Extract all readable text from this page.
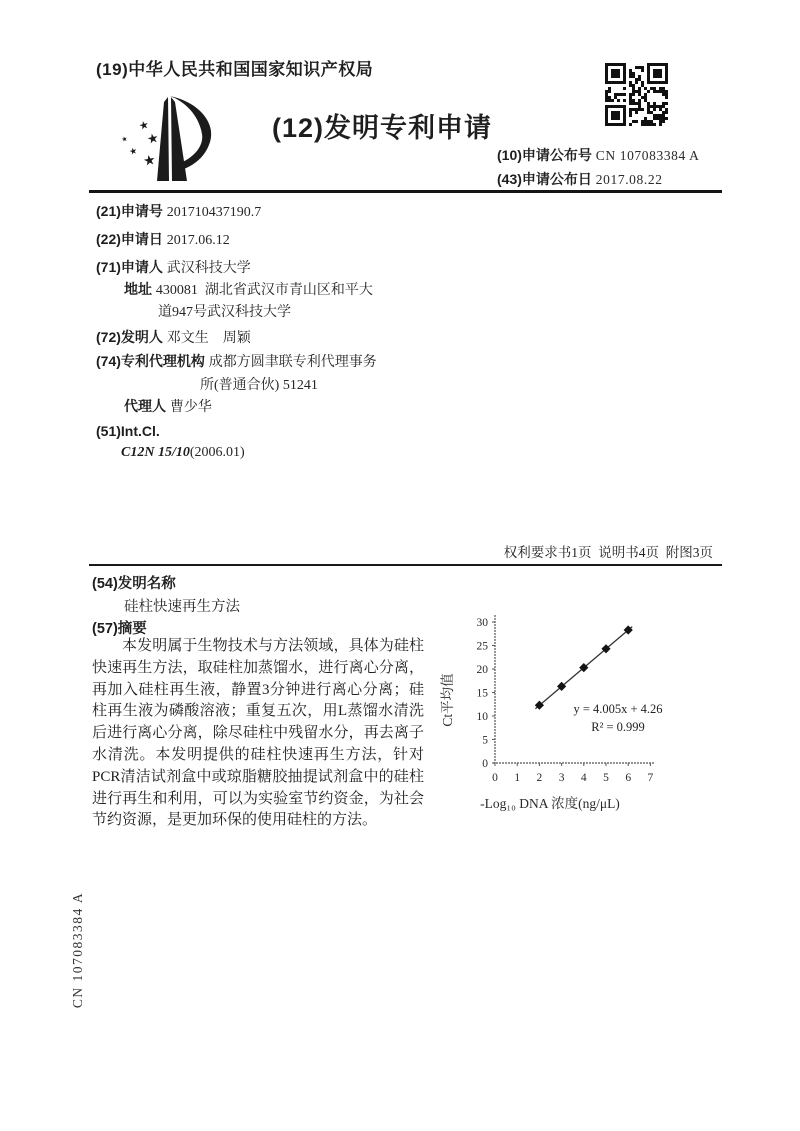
(19)中华人民共和国国家知识产权局
★
★ ★
★
★
(12)发明专利申请
(10)申请公布号 CN 107083384 A
(43)申请公布日 2017.08.22
(21)申请号 201710437190.7
(22)申请日 2017.06.12
(71)申请人 武汉科技大学
地址 430081  湖北省武汉市青山区和平大
道947号武汉科技大学
(72)发明人 邓文生　周颖
(74)专利代理机构 成都方圆聿联专利代理事务
所(普通合伙) 51241
代理人 曹少华
(51)Int.Cl.
C12N 15/10(2006.01)
权利要求书1页  说明书4页  附图3页
(54)发明名称
硅柱快速再生方法
(57)摘要
本发明属于生物技术与方法领域，具体为硅柱快速再生方法，取硅柱加蒸馏水，进行离心分离，再加入硅柱再生液，静置3分钟进行离心分离；硅柱再生液为磷酸溶液；重复五次，用L蒸馏水清洗后进行离心分离，除尽硅柱中残留水分，再去离子水清洗。本发明提供的硅柱快速再生方法，针对PCR清洁试剂盒中或琼脂糖胶抽提试剂盒中的硅柱进行再生和利用，可以为实验室节约资金，为社会节约资源，是更加环保的使用硅柱的方法。
0
5
10
15
20
25
30
0 1 2 3 4 5 6 7
y = 4.005x + 4.26
R² = 0.999
Ct平均值
-Log₁₀ DNA 浓度(ng/μL)
CN 107083384 A
